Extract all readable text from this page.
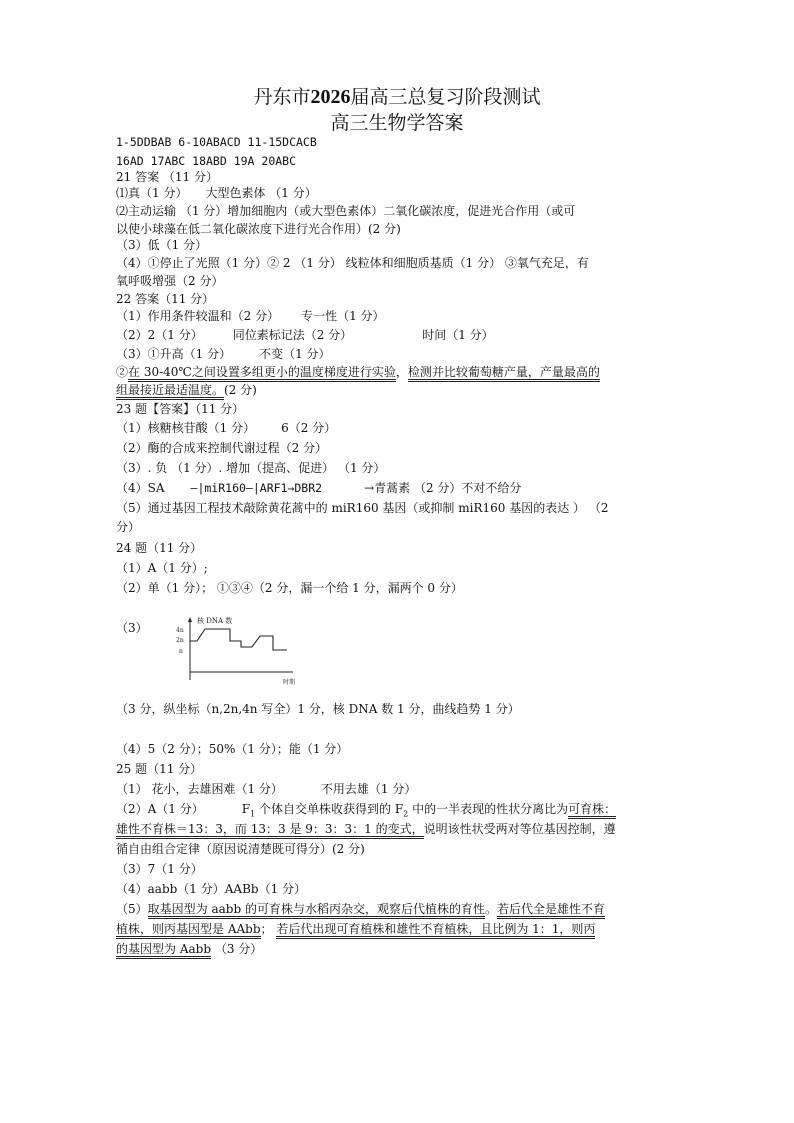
丹东市2026届高三总复习阶段测试
高三生物学答案
1-5DDBAB 6-10ABACD 11-15DCACB
16AD 17ABC 18ABD 19A 20ABC
21 答案 （11 分）
⑴真（1 分） 大型色素体 （1 分）
⑵主动运输 （1 分）增加细胞内（或大型色素体）二氧化碳浓度，促进光合作用（或可
以使小球藻在低二氧化碳浓度下进行光合作用）(2 分)
（3）低（1 分）
（4）①停止了光照（1 分）② 2 （1 分） 线粒体和细胞质基质（1 分） ③氧气充足，有
氧呼吸增强（2 分）
22 答案（11 分）
（1）作用条件较温和（2 分） 专一性（1 分）
（2）2（1 分）	同位素标记法（2 分）	时间（1 分）
（3）①升高（1 分） 不变（1 分）
②在 30-40℃之间设置多组更小的温度梯度进行实验，检测并比较葡萄糖产量，产量最高的
组最接近最适温度。(2 分)
23 题【答案】（11 分）
（1）核糖核苷酸（1 分） 6（2 分）
（2）酶的合成来控制代谢过程（2 分）
（3）. 负 （1 分）. 增加（提高、促进） （1 分）
（4）SA —|miR160—|ARF1→DBR2	→青蒿素 （2 分）不对不给分
（5）通过基因工程技术敲除黄花蒿中的 miR160 基因（或抑制 miR160 基因的表达 ） （2
分）
24 题（11 分）
（1）A（1 分）;
（2）单（1 分）； ①③④（2 分，漏一个给 1 分，漏两个 0 分）
（3）	核 DNA 数
4n
2n
n
时期
（3 分，纵坐标（n,2n,4n 写全）1 分，核 DNA 数 1 分，曲线趋势 1 分）
（4）5（2 分）；50%（1 分）；能（1 分）
25 题（11 分）
（1） 花小，去雄困难（1 分）	不用去雄（1 分）
（2）A（1 分）	$F_1$ 个体自交单株收获得到的 $F_2$ 中的一半表现的性状分离比为可育株：
雄性不育株＝13：3，而 13：3 是 9：3：3：1 的变式，说明该性状受两对等位基因控制，遵
循自由组合定律（原因说清楚既可得分）(2 分)
（3）7（1 分）
（4）aabb（1 分）AABb（1 分）
（5）取基因型为 aabb 的可育株与水稻丙杂交，观察后代植株的育性。若后代全是雄性不育
植株，则丙基因型是 AAbb； 若后代出现可育植株和雄性不育植株，且比例为 1：1，则丙
的基因型为 Aabb （3 分）
